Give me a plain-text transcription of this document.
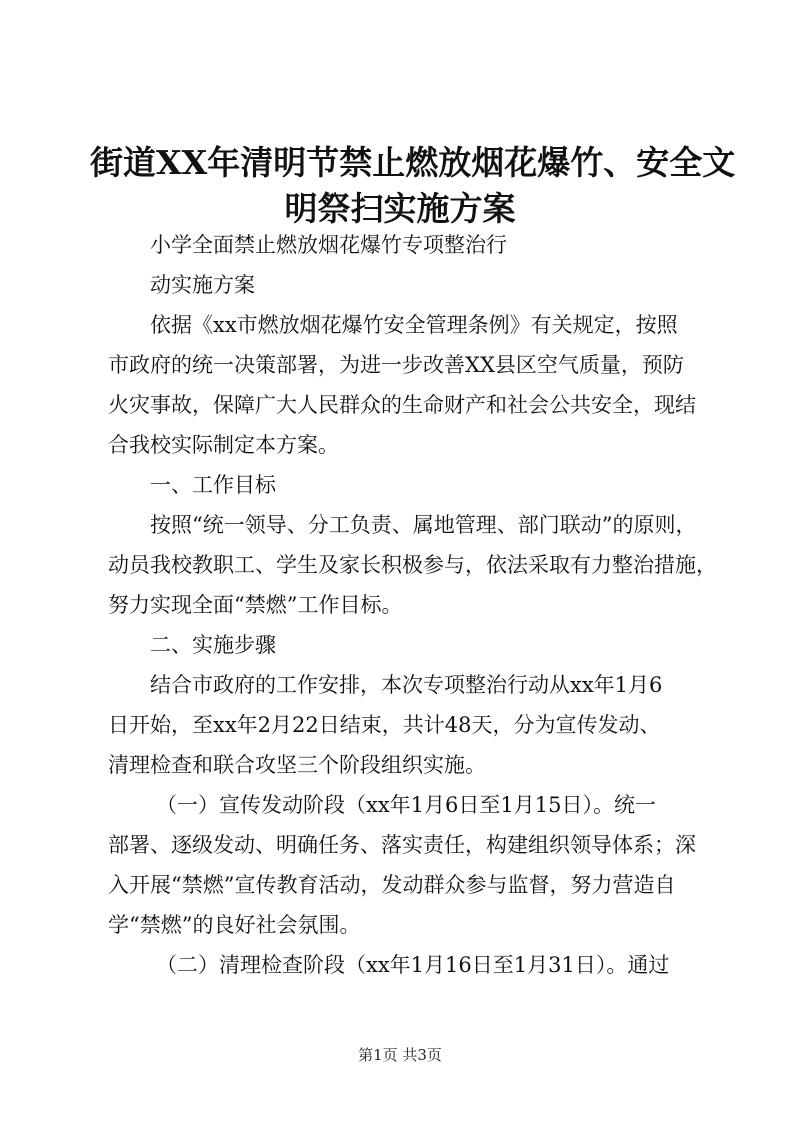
街道XX年清明节禁止燃放烟花爆竹、安全文
明祭扫实施方案
小学全面禁止燃放烟花爆竹专项整治行
动实施方案
依据《xx市燃放烟花爆竹安全管理条例》有关规定，按照
市政府的统一决策部署，为进一步改善XX县区空气质量，预防
火灾事故，保障广大人民群众的生命财产和社会公共安全，现结
合我校实际制定本方案。
一、工作目标
按照“统一领导、分工负责、属地管理、部门联动”的原则，
动员我校教职工、学生及家长积极参与，依法采取有力整治措施，
努力实现全面“禁燃”工作目标。
二、实施步骤
结合市政府的工作安排，本次专项整治行动从xx年1月6
日开始，至xx年2月22日结束，共计48天，分为宣传发动、
清理检查和联合攻坚三个阶段组织实施。
（一）宣传发动阶段（xx年1月6日至1月15日）。统一
部署、逐级发动、明确任务、落实责任，构建组织领导体系；深
入开展“禁燃”宣传教育活动，发动群众参与监督，努力营造自
学“禁燃”的良好社会氛围。
（二）清理检查阶段（xx年1月16日至1月31日）。通过
第1页 共3页
